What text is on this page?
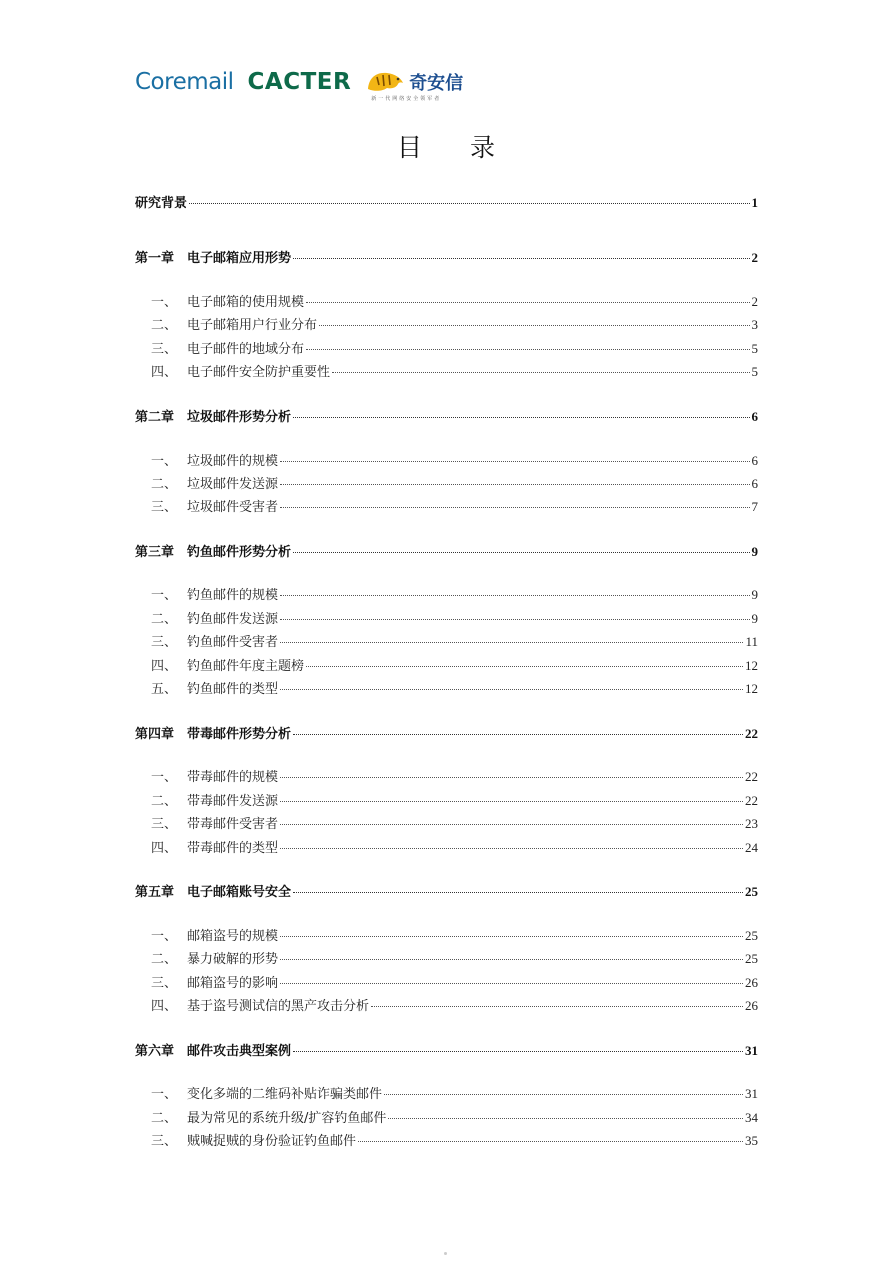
Coremail CACTER	奇安信
新一代网络安全领军者
目录
研究背景	1
第一章 电子邮箱应用形势	2
一、 电子邮箱的使用规模	2
二、 电子邮箱用户行业分布	3
三、 电子邮件的地域分布	5
四、 电子邮件安全防护重要性	5
第二章 垃圾邮件形势分析	6
一、 垃圾邮件的规模	6
二、 垃圾邮件发送源	6
三、 垃圾邮件受害者	7
第三章 钓鱼邮件形势分析	9
一、 钓鱼邮件的规模	9
二、 钓鱼邮件发送源	9
三、 钓鱼邮件受害者	11
四、 钓鱼邮件年度主题榜	12
五、 钓鱼邮件的类型	12
第四章 带毒邮件形势分析	22
一、 带毒邮件的规模	22
二、 带毒邮件发送源	22
三、 带毒邮件受害者	23
四、 带毒邮件的类型	24
第五章 电子邮箱账号安全	25
一、 邮箱盗号的规模	25
二、 暴力破解的形势	25
三、 邮箱盗号的影响	26
四、 基于盗号测试信的黑产攻击分析	26
第六章 邮件攻击典型案例	31
一、 变化多端的二维码补贴诈骗类邮件	31
二、 最为常见的系统升级/扩容钓鱼邮件	34
三、 贼喊捉贼的身份验证钓鱼邮件	35
